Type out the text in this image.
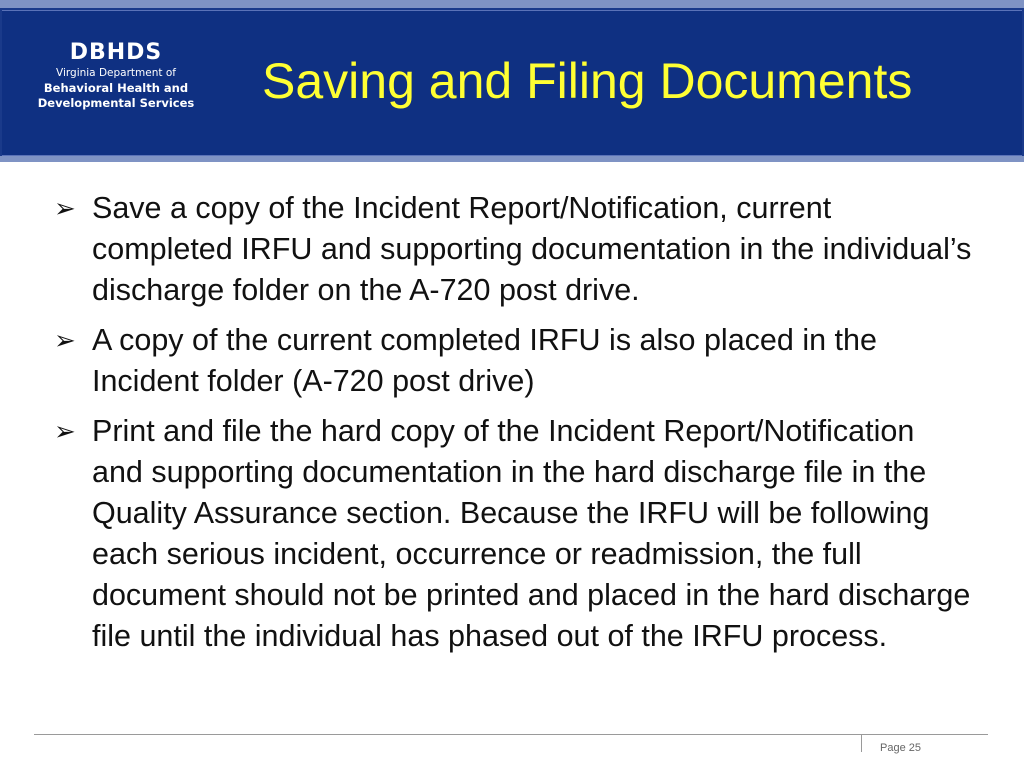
DBHDS
Virginia Department of
Behavioral Health and
Developmental Services Saving and Filing Documents
➢ Save a copy of the Incident Report/Notification, current completed IRFU and supporting documentation in the individual’s discharge folder on the A-720 post drive.
➢ A copy of the current completed IRFU is also placed in the Incident folder (A-720 post drive)
➢ Print and file the hard copy of the Incident Report/Notification and supporting documentation in the hard discharge file in the Quality Assurance section. Because the IRFU will be following each serious incident, occurrence or readmission, the full document should not be printed and placed in the hard discharge file until the individual has phased out of the IRFU process.
Page 25
